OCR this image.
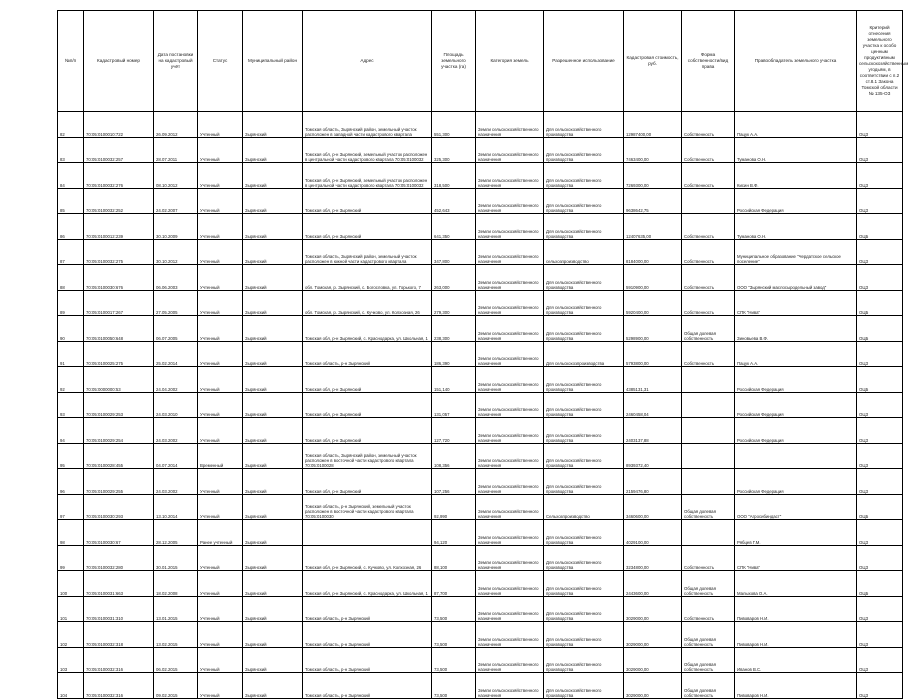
№п/п	Кадастровый номер	Дата постановки на кадастровый учёт	Статус	Муниципальный район	Адрес	Площадь земельного участка (га)	Категория земель	Разрешенное использование	Кадастровая стоимость, руб.	Форма собственности/вид права	Правообладатель земельного участка	Критерий отнесения земельного участка к особо ценным продуктивным сельскохозяйственным угодьям, в соответствии с п.2 ст.8.1 Закона Томской области № 135-ОЗ
82	70:05:0100010:722	26.09.2012	Учтенный	Зырянский	Томская область, Зырянский район, земельный участок расположен в западной части кадастрового квартала	551,300	Земли сельскохозяйственного назначения	Для сельскохозяйственного производства	12987400,00	Собственность	Пацук А.А.	ОЦЗ
83	70:05:0100032:257	28.07.2011	Учтенный	Зырянский	Томская обл, р-н Зырянский, земельный участок расположен в центральной части кадастрового квартала 70:05:0100032	325,300	Земли сельскохозяйственного назначения	Для сельскохозяйственного производства	7463400,00	Собственность	Туманова О.Н.	ОЦЗ
84	70:05:0100032:276	08.10.2012	Учтенный	Зырянский	Томская обл, р-н Зырянский, земельный участок расположен в центральной части кадастрового квартала 70:05:0100032	318,500	Земли сельскохозяйственного назначения	Для сельскохозяйственного производства	7269300,00	Собственность	Кисин В.Ф.	ОЦЗ
85	70:05:0100032:252	24.02.2007	Учтенный	Зырянский	Томская обл, р-н Зырянский	452,643	Земли сельскохозяйственного назначения	Для сельскохозяйственного производства	9638642,75		Российская Федерация	ОЦЗ
86	70:05:0100012:239	30.10.2009	Учтенный	Зырянский	Томская обл, р-н Зырянский	641,350	Земли сельскохозяйственного назначения	Для сельскохозяйственного производства	12407635,00	Собственность	Туманова О.Н.	ОЦБ
87	70:05:0100032:275	30.10.2012	Учтенный	Зырянский	Томская область, Зырянский район, земельный участок расположен в южной части кадастрового квартала	347,800	Земли сельскохозяйственного назначения	сельхозпроизводство	8184000,00	Собственность	Муниципальное образование "Чердатское сельское поселение"	ОЦЗ
88	70:05:0100030:676	06.06.2003	Учтенный	Зырянский	обл. Томская, р. Зырянский, с. Богословка, ул. Горького, 7	263,000	Земли сельскохозяйственного назначения	Для сельскохозяйственного производства	5910900,00	Собственность	ООО "Зырянский маслосыродельный завод"	ОЦЗ
89	70:05:0100017:267	27.05.2005	Учтенный	Зырянский	обл. Томская, р. Зырянский, с. Кучково, ул. Колхозная, 26	279,300	Земли сельскохозяйственного назначения	Для сельскохозяйственного производства	5920400,00	Собственность	СПК "Нива"	ОЦБ
90	70:05:0100050:648	06.07.2005	Учтенный	Зырянский	Томская обл, р-н Зырянский, с. Краснодарка, ул. Школьная, 1	238,300	Земли сельскохозяйственного назначения	Для сельскохозяйственного производства	5298900,00	Общая долевая собственность	Зиновьева В.Ф.	ОЦБ
91	70:05:0100025:275	25.02.2014	Учтенный	Зырянский	Томская область, р-н Зырянский	186,390	Земли сельскохозяйственного назначения	Для сельскохозпроизводства	5793800,00	Собственность	Пацук А.А.	ОЦЗ
92	70:05:0000000:53	24.04.2002	Учтенный	Зырянский	Томская обл, р-н Зырянский	151,140	Земли сельскохозяйственного назначения	Для сельскохозяйственного производства	4385131,31		Российская Федерация	ОЦБ
93	70:05:0100029:253	24.03.2010	Учтенный	Зырянский	Томская обл, р-н Зырянский	131,057	Земли сельскохозяйственного назначения	Для сельскохозяйственного производства	2460458,04		Российская Федерация	ОЦЗ
94	70:05:0100029:254	24.03.2002	Учтенный	Зырянский	Томская обл, р-н Зырянский	127,720	Земли сельскохозяйственного назначения	Для сельскохозяйственного производства	2403137,88		Российская Федерация	ОЦЗ
95	70:05:0100028:455	04.07.2014	Временный	Зырянский	Томская область, Зырянский район, земельный участок расположен в восточной части кадастрового квартала 70:05:0100028	108,356	Земли сельскохозяйственного назначения	Для сельскохозяйственного производства	8939372,40			ОЦЗ
96	70:05:0100029:255	24.03.2002	Учтенный	Зырянский	Томская обл, р-н Зырянский	107,256	Земли сельскохозяйственного назначения	Для сельскохозяйственного производства	2159476,80		Российская Федерация	ОЦЗ
97	70:05:0100030:293	13.10.2014	Учтенный	Зырянский	Томская область, р-н Зырянский, земельный участок расположен в восточной части кадастрового квартала 70:05:0100030	92,990	Земли сельскохозяйственного назначения	Сельхозпроизводство	3460600,00	Общая долевая собственность	ООО "Агросибиндаст"	ОЦБ
98	70:05:0100030:67	28.12.2005	Ранее учтенный	Зырянский		94,120	Земли сельскохозяйственного назначения	Для сельскохозяйственного производства	4029100,00		Рябцев Г.М.	ОЦЗ
99	70:05:0100032:280	30.01.2015	Учтенный	Зырянский	Томская обл, р-н Зырянский, с. Кучково, ул. Колхозная, 26	88,100	Земли сельскохозяйственного назначения	Для сельскохозяйственного производства	3234800,00	Собственность	СПК "Нива"	ОЦЗ
100	70:05:0100031:663	18.02.2008	Учтенный	Зырянский	Томская обл, р-н Зырянский, с. Краснодарка, ул. Школьная, 1	87,700	Земли сельскохозяйственного назначения	Для сельскохозяйственного производства	2443600,00	Общая долевая собственность	Малыхова О.А.	ОЦБ
101	70:05:0100031:310	13.01.2015	Учтенный	Зырянский	Томская область, р-н Зырянский	73,500	Земли сельскохозяйственного назначения	Для сельскохозяйственного производства	3029000,00	Собственность	Пивоваров Н.И.	ОЦЗ
102	70:05:0100032:318	13.02.2015	Учтенный	Зырянский	Томская область, р-н Зырянский	73,500	Земли сельскохозяйственного назначения	Для сельскохозяйственного производства	3029000,00	Общая долевая собственность	Пивоваров Н.И.	ОЦЗ
103	70:05:0100032:316	06.02.2015	Учтенный	Зырянский	Томская область, р-н Зырянский	73,500	Земли сельскохозяйственного назначения	Для сельскохозяйственного производства	3029000,00	Общая долевая собственность	Иванов В.С.	ОЦЗ
104	70:05:0100032:316	09.02.2015	Учтенный	Зырянский	Томская область, р-н Зырянский	73,500	Земли сельскохозяйственного назначения	Для сельскохозяйственного производства	3029000,00	Общая долевая собственность	Пивоваров Н.И.	ОЦЗ
